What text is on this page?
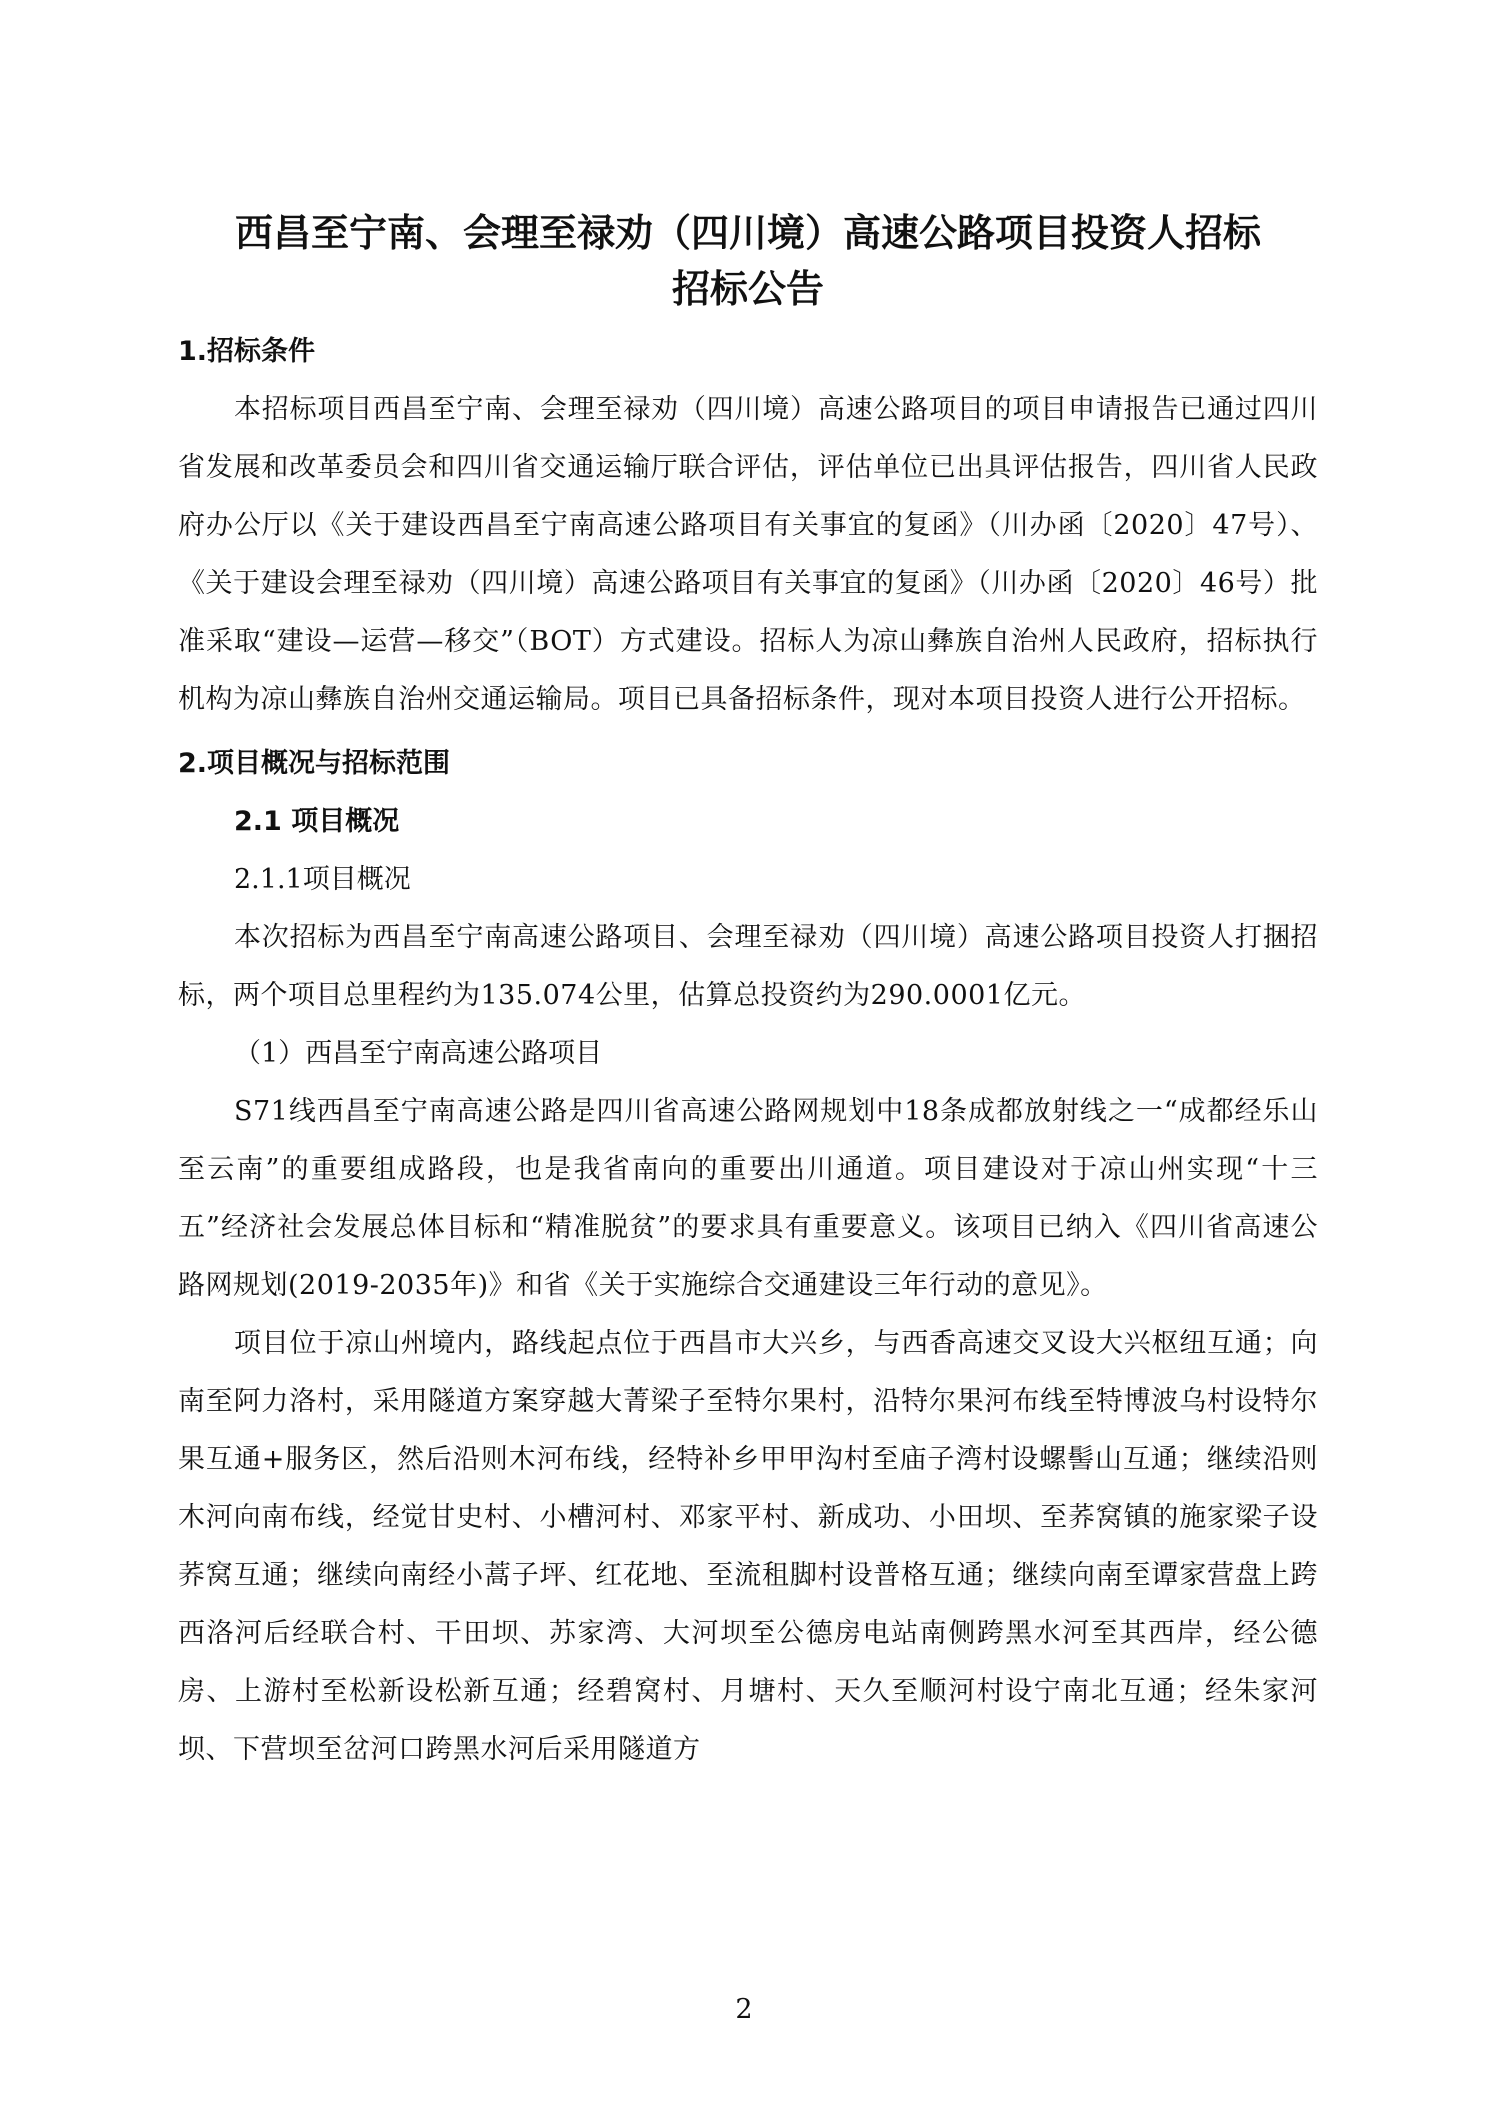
西昌至宁南、会理至禄劝（四川境）高速公路项目投资人招标
招标公告

1.招标条件

本招标项目西昌至宁南、会理至禄劝（四川境）高速公路项目的项目申请报告已通过四川省发展和改革委员会和四川省交通运输厅联合评估，评估单位已出具评估报告，四川省人民政府办公厅以《关于建设西昌至宁南高速公路项目有关事宜的复函》（川办函〔2020〕47号）、《关于建设会理至禄劝（四川境）高速公路项目有关事宜的复函》（川办函〔2020〕46号）批准采取“建设—运营—移交”（BOT）方式建设。招标人为凉山彝族自治州人民政府，招标执行机构为凉山彝族自治州交通运输局。项目已具备招标条件，现对本项目投资人进行公开招标。

2.项目概况与招标范围

2.1 项目概况

2.1.1项目概况

本次招标为西昌至宁南高速公路项目、会理至禄劝（四川境）高速公路项目投资人打捆招标，两个项目总里程约为135.074公里，估算总投资约为290.0001亿元。

（1）西昌至宁南高速公路项目

S71线西昌至宁南高速公路是四川省高速公路网规划中18条成都放射线之一“成都经乐山至云南”的重要组成路段，也是我省南向的重要出川通道。项目建设对于凉山州实现“十三五”经济社会发展总体目标和“精准脱贫”的要求具有重要意义。该项目已纳入《四川省高速公路网规划(2019-2035年)》和省《关于实施综合交通建设三年行动的意见》。

项目位于凉山州境内，路线起点位于西昌市大兴乡，与西香高速交叉设大兴枢纽互通；向南至阿力洛村，采用隧道方案穿越大菁梁子至特尔果村，沿特尔果河布线至特博波乌村设特尔果互通+服务区，然后沿则木河布线，经特补乡甲甲沟村至庙子湾村设螺髻山互通；继续沿则木河向南布线，经觉甘史村、小槽河村、邓家平村、新成功、小田坝、至荞窝镇的施家梁子设荞窝互通；继续向南经小蒿子坪、红花地、至流租脚村设普格互通；继续向南至谭家营盘上跨西洛河后经联合村、干田坝、苏家湾、大河坝至公德房电站南侧跨黑水河至其西岸，经公德房、上游村至松新设松新互通；经碧窝村、月塘村、天久至顺河村设宁南北互通；经朱家河坝、下营坝至岔河口跨黑水河后采用隧道方

2
